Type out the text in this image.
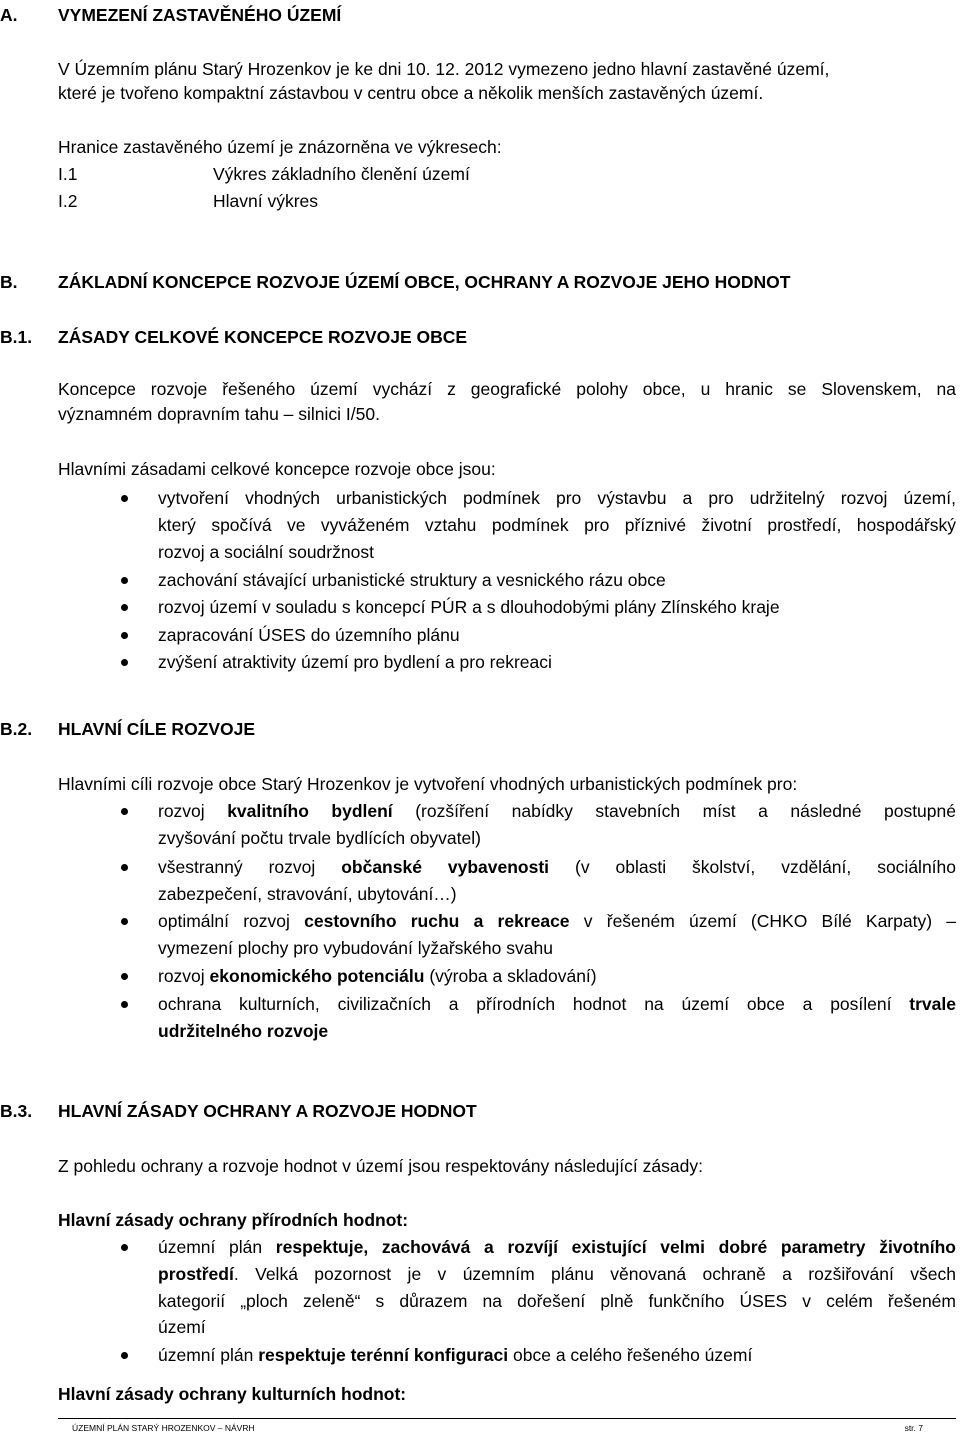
A. VYMEZENÍ ZASTAVĚNÉHO ÚZEMÍ
V Územním plánu Starý Hrozenkov je ke dni 10. 12. 2012 vymezeno jedno hlavní zastavěné území,
které je tvořeno kompaktní zástavbou v centru obce a několik menších zastavěných území.
Hranice zastavěného území je znázorněna ve výkresech:
I.1	Výkres základního členění území
I.2	Hlavní výkres
B. ZÁKLADNÍ KONCEPCE ROZVOJE ÚZEMÍ OBCE, OCHRANY A ROZVOJE JEHO HODNOT
B.1. ZÁSADY CELKOVÉ KONCEPCE ROZVOJE OBCE
Koncepce rozvoje řešeného území vychází z geografické polohy obce, u hranic se Slovenskem, na
významném dopravním tahu – silnici I/50.
Hlavními zásadami celkové koncepce rozvoje obce jsou:
vytvoření vhodných urbanistických podmínek pro výstavbu a pro udržitelný rozvoj území,
který spočívá ve vyváženém vztahu podmínek pro příznivé životní prostředí, hospodářský
rozvoj a sociální soudržnost
zachování stávající urbanistické struktury a vesnického rázu obce
rozvoj území v souladu s koncepcí PÚR a s dlouhodobými plány Zlínského kraje
zapracování ÚSES do územního plánu
zvýšení atraktivity území pro bydlení a pro rekreaci
B.2. HLAVNÍ CÍLE ROZVOJE
Hlavními cíli rozvoje obce Starý Hrozenkov je vytvoření vhodných urbanistických podmínek pro:
rozvoj kvalitního bydlení (rozšíření nabídky stavebních míst a následné postupné
zvyšování počtu trvale bydlících obyvatel)
všestranný rozvoj občanské vybavenosti (v oblasti školství, vzdělání, sociálního
zabezpečení, stravování, ubytování…)
optimální rozvoj cestovního ruchu a rekreace v řešeném území (CHKO Bílé Karpaty) –
vymezení plochy pro vybudování lyžařského svahu
rozvoj ekonomického potenciálu (výroba a skladování)
ochrana kulturních, civilizačních a přírodních hodnot na území obce a posílení trvale
udržitelného rozvoje
B.3. HLAVNÍ ZÁSADY OCHRANY A ROZVOJE HODNOT
Z pohledu ochrany a rozvoje hodnot v území jsou respektovány následující zásady:
Hlavní zásady ochrany přírodních hodnot:
územní plán respektuje, zachovává a rozvíjí existující velmi dobré parametry životního
prostředí. Velká pozornost je v územním plánu věnovaná ochraně a rozšiřování všech
kategorií „ploch zeleně“ s důrazem na dořešení plně funkčního ÚSES v celém řešeném
území
územní plán respektuje terénní konfiguraci obce a celého řešeného území
Hlavní zásady ochrany kulturních hodnot:
ÚZEMNÍ PLÁN STARÝ HROZENKOV – NÁVRH	str. 7
